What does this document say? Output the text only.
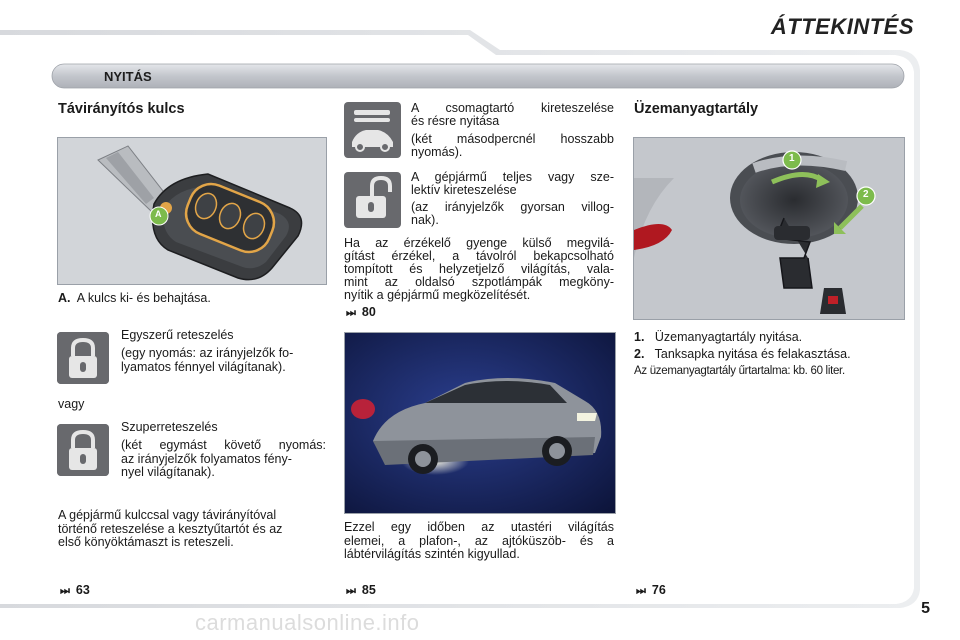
ÁTTEKINTÉS
NYITÁS
Távirányítós kulcs
A
A. A kulcs ki- és behajtása.
Egyszerű reteszelés
(egy nyomás: az irányjelzők fo-
lyamatos fénnyel világítanak).
vagy
Szuperreteszelés
(két egymást követő nyomás:
az irányjelzők folyamatos fény-
nyel világítanak).
A gépjármű kulccsal vagy távirányítóval
történő reteszelése a kesztyűtartót és az
első könyöktámaszt is reteszeli.
⏭ 63
A csomagtartó kireteszelése
és résre nyitása
(két másodpercnél hosszabb
nyomás).
A gépjármű teljes vagy sze-
lektív kireteszelése
(az irányjelzők gyorsan villog-
nak).
Ha az érzékelő gyenge külső megvilá-
gítást érzékel, a távolról bekapcsolható
tompított és helyzetjelző világítás, vala-
mint az oldalsó szpotlámpák megköny-
nyítik a gépjármű megközelítését.
⏭ 80
Ezzel egy időben az utastéri világítás
elemei, a plafon-, az ajtóküszöb- és a
lábtérvilágítás szintén kigyullad.
⏭ 85
Üzemanyagtartály
1
2
1. Üzemanyagtartály nyitása.
2. Tanksapka nyitása és felakasztása.
Az üzemanyagtartály űrtartalma: kb. 60 liter.
⏭ 76
5
carmanualsonline.info
